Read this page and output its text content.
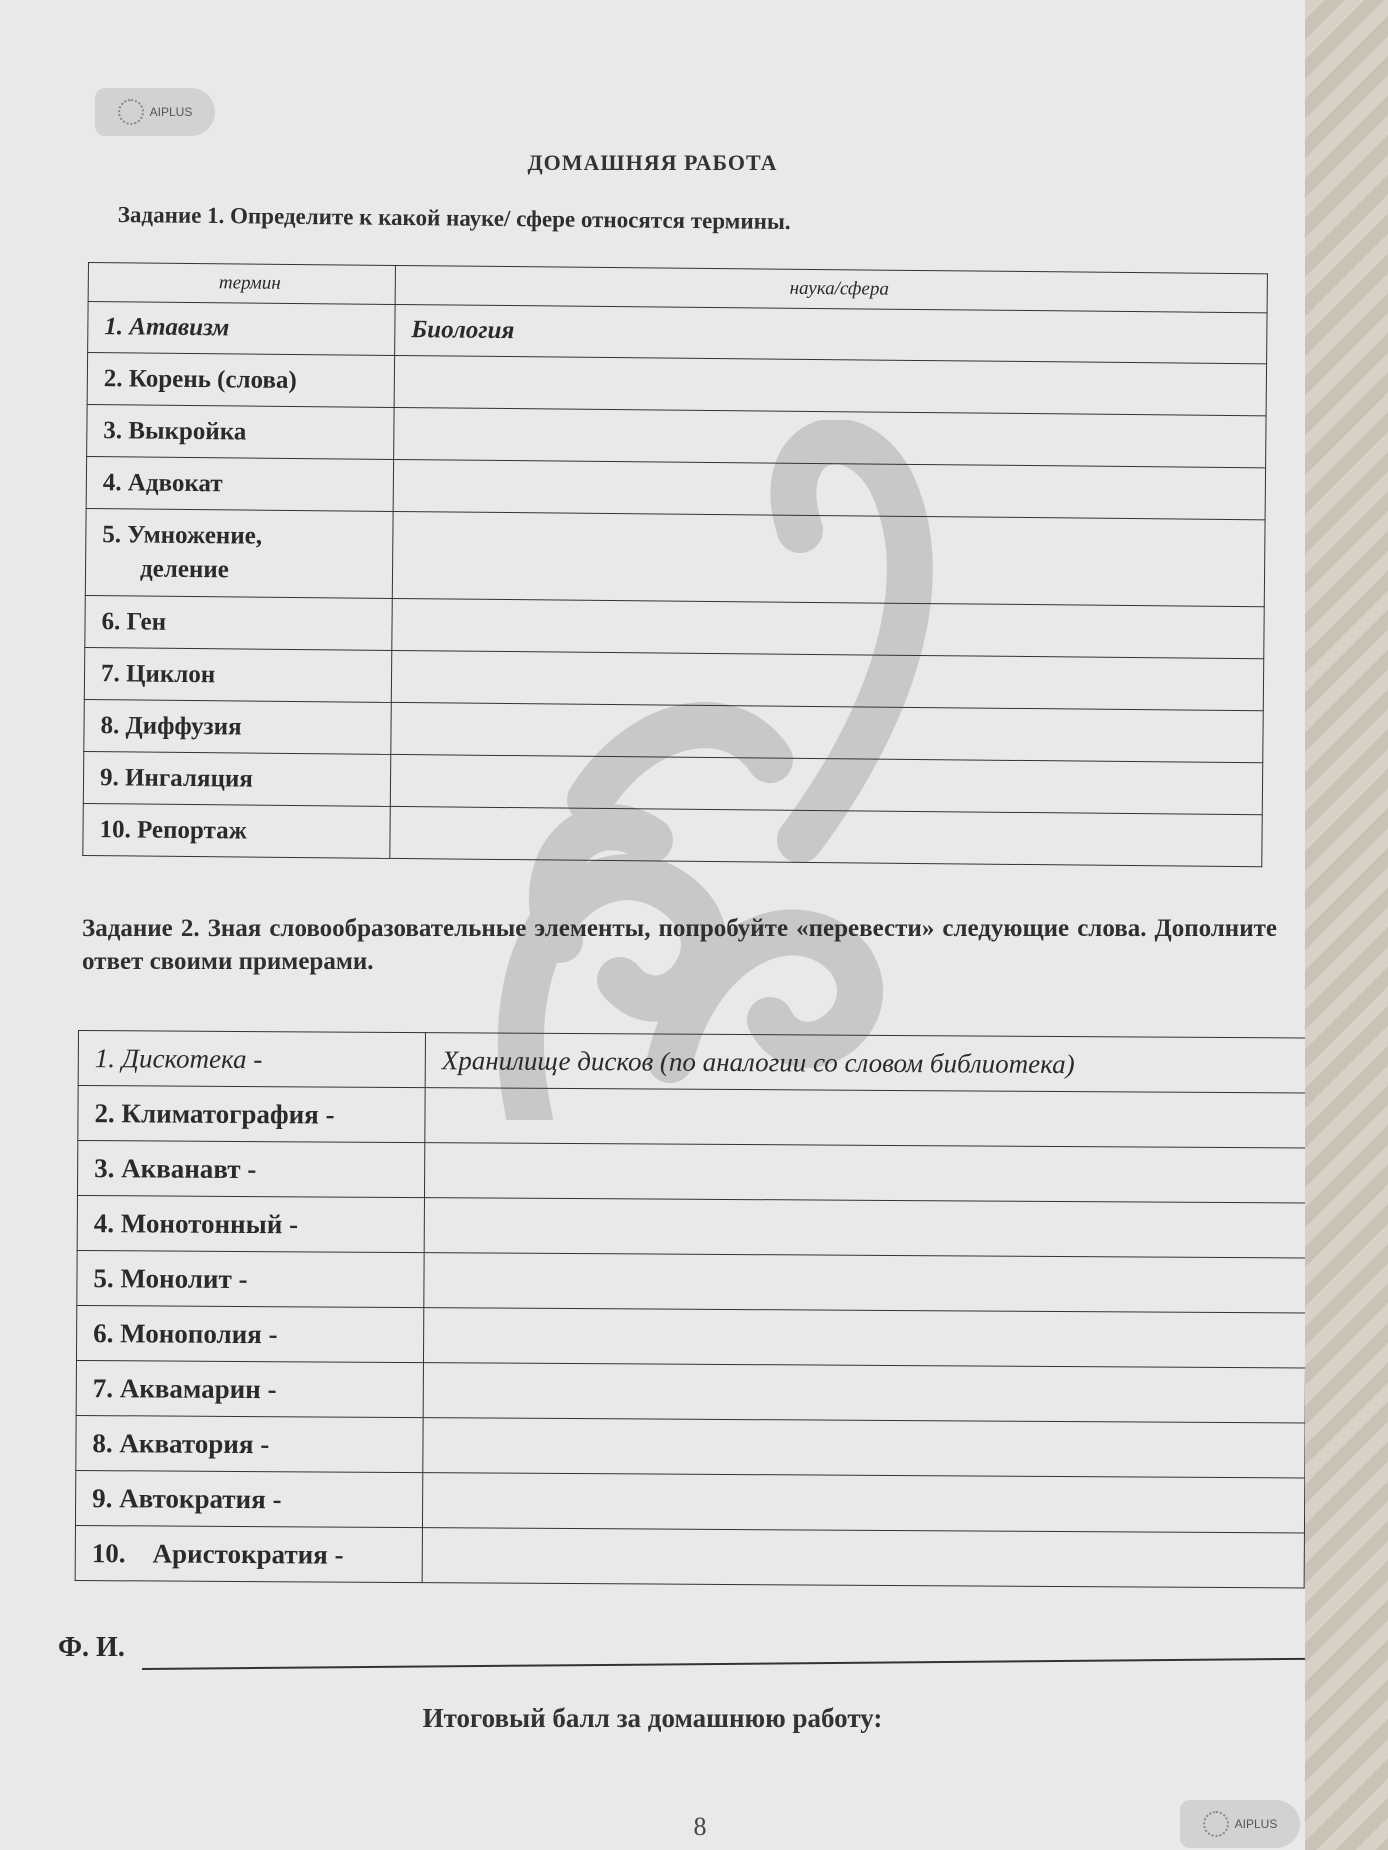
AIPLUS
ДОМАШНЯЯ РАБОТА
Задание 1. Определите к какой науке/ сфере относятся термины.
термин	наука/сфера
1. Атавизм	Биология
2. Корень (слова)	
3. Выкройка	
4. Адвокат	

5. Умножение,
деление	

6. Ген	
7. Циклон	
8. Диффузия	
9. Ингаляция	
10. Репортаж	
Задание 2. Зная словообразовательные элементы, попробуйте «перевести» следующие слова. Дополните ответ своими примерами.
1. Дискотека -	Хранилище дисков (по аналогии со словом библиотека)
2. Климатография -	
3. Акванавт -	
4. Монотонный -	
5. Монолит -	
6. Монополия -	
7. Аквамарин -	
8. Акватория -	
9. Автократия -	
10.    Аристократия -	
Ф. И.
Итоговый балл за домашнюю работу:
8	AIPLUS
